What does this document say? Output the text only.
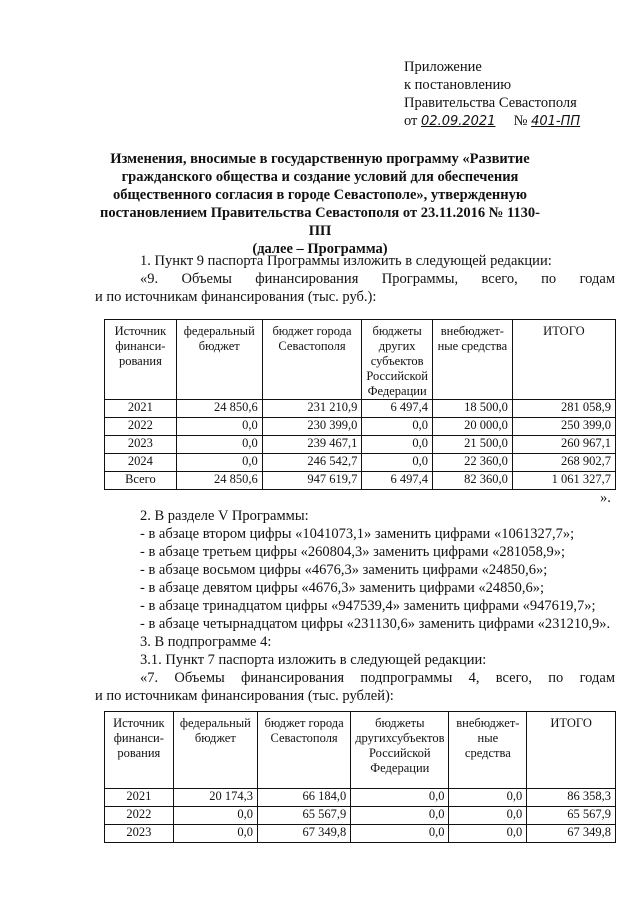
Приложение
к постановлению
Правительства Севастополя
от 02.09.2021 № 401-ПП
Изменения, вносимые в государственную программу «Развитие
гражданского общества и создание условий для обеспечения
общественного согласия в городе Севастополе», утвержденную
постановлением Правительства Севастополя от 23.11.2016 № 1130-ПП
(далее – Программа)
1. Пункт 9 паспорта Программы изложить в следующей редакции:
«9. Объемы финансирования Программы, всего, по годам
и по источникам финансирования (тыс. руб.):
Источник финанси-рования	федеральный бюджет	бюджет города Севастополя	бюджеты других субъектов Российской Федерации	внебюджет-ные средства	ИТОГО
2021	24 850,6	231 210,9	6 497,4	18 500,0	281 058,9
2022	0,0	230 399,0	0,0	20 000,0	250 399,0
2023	0,0	239 467,1	0,0	21 500,0	260 967,1
2024	0,0	246 542,7	0,0	22 360,0	268 902,7
Всего	24 850,6	947 619,7	6 497,4	82 360,0	1 061 327,7
».
2. В разделе V Программы:
- в абзаце втором цифры «1041073,1» заменить цифрами «1061327,7»;
- в абзаце третьем цифры «260804,3» заменить цифрами «281058,9»;
- в абзаце восьмом цифры «4676,3» заменить цифрами «24850,6»;
- в абзаце девятом цифры «4676,3» заменить цифрами «24850,6»;
- в абзаце тринадцатом цифры «947539,4» заменить цифрами «947619,7»;
- в абзаце четырнадцатом цифры «231130,6» заменить цифрами «231210,9».
3. В подпрограмме 4:
3.1. Пункт 7 паспорта изложить в следующей редакции:
«7. Объемы финансирования подпрограммы 4, всего, по годам
и по источникам финансирования (тыс. рублей):
Источник финанси-рования	федеральный бюджет	бюджет города Севастополя	бюджеты другихсубъектов Российской Федерации	внебюджет-ные средства	ИТОГО
2021	20 174,3	66 184,0	0,0	0,0	86 358,3
2022	0,0	65 567,9	0,0	0,0	65 567,9
2023	0,0	67 349,8	0,0	0,0	67 349,8
